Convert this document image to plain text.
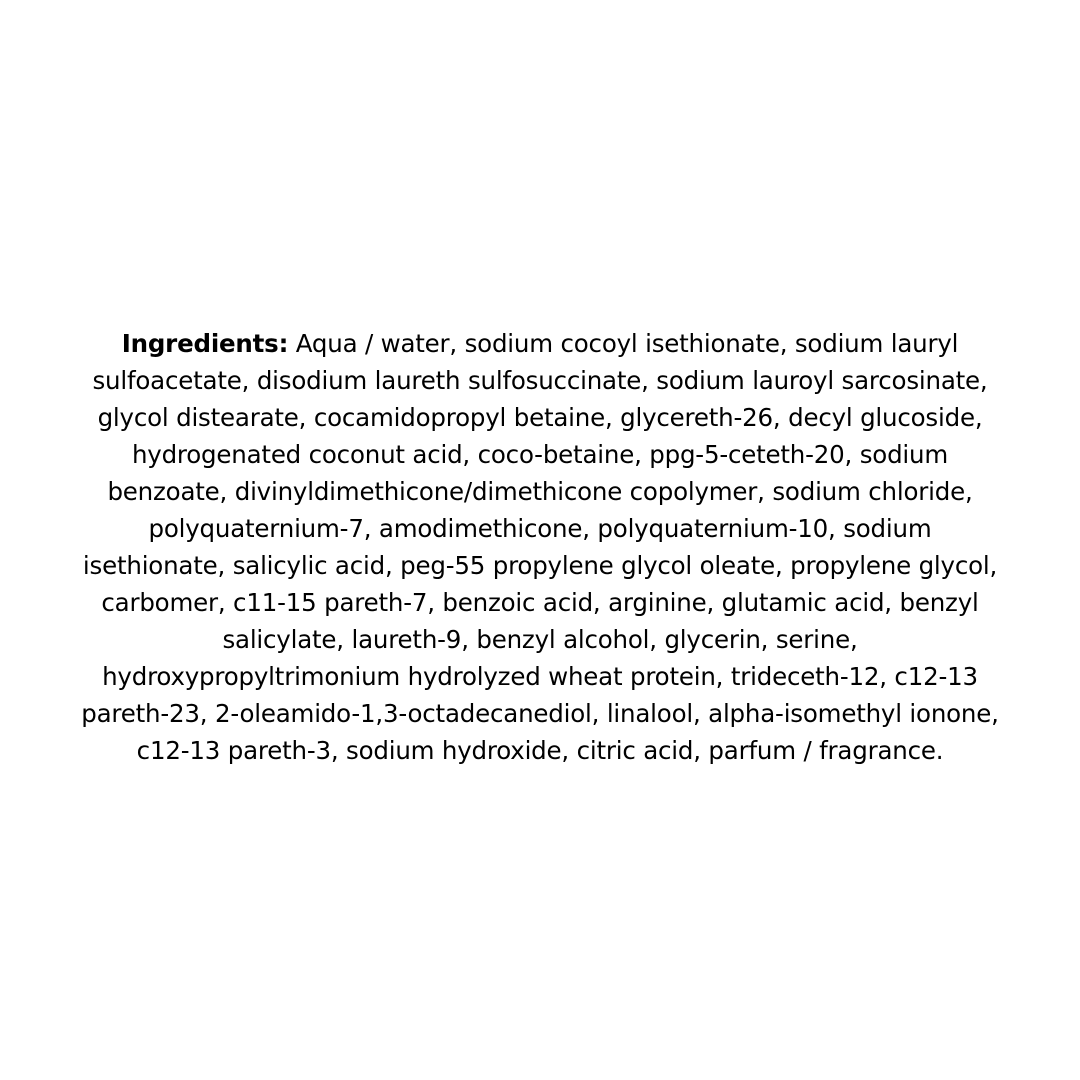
Ingredients: Aqua / water, sodium cocoyl isethionate, sodium lauryl sulfoacetate, disodium laureth sulfosuccinate, sodium lauroyl sarcosinate, glycol distearate, cocamidopropyl betaine, glycereth-26, decyl glucoside, hydrogenated coconut acid, coco-betaine, ppg-5-ceteth-20, sodium benzoate, divinyldimethicone/dimethicone copolymer, sodium chloride, polyquaternium-7, amodimethicone, polyquaternium-10, sodium isethionate, salicylic acid, peg-55 propylene glycol oleate, propylene glycol, carbomer, c11-15 pareth-7, benzoic acid, arginine, glutamic acid, benzyl salicylate, laureth-9, benzyl alcohol, glycerin, serine, hydroxypropyltrimonium hydrolyzed wheat protein, trideceth-12, c12-13 pareth-23, 2-oleamido-1,3-octadecanediol, linalool, alpha-isomethyl ionone, c12-13 pareth-3, sodium hydroxide, citric acid, parfum / fragrance.
